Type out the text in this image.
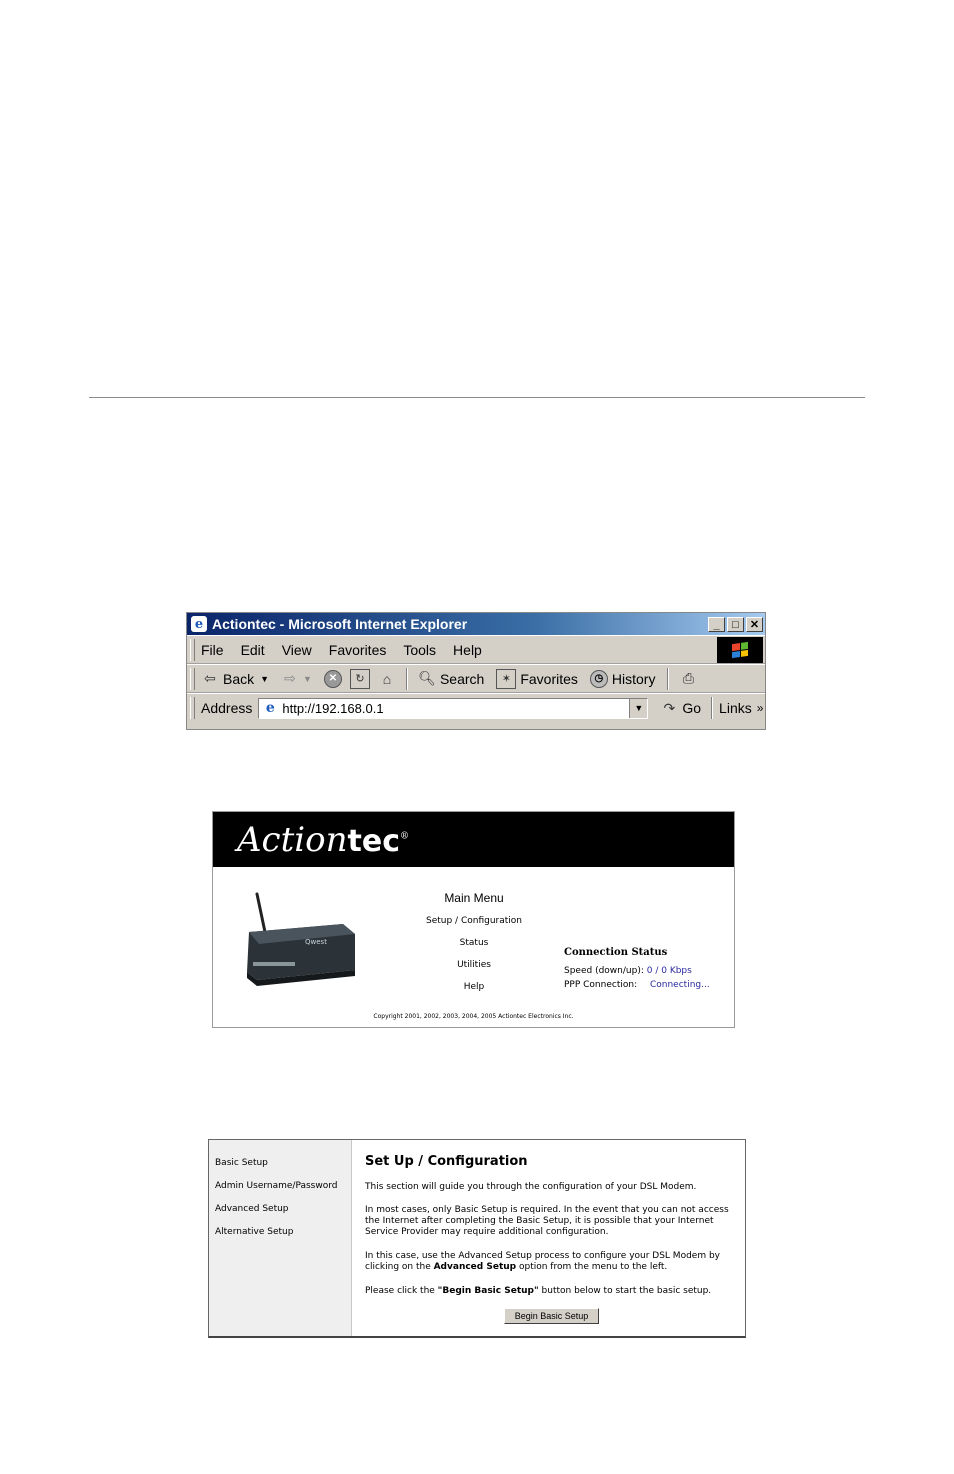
e Actiontec - Microsoft Internet Explorer	_	□	✕
File Edit View Favorites Tools Help
⇦ Back ▼ ⇨ ▼	✕	↻	⌂	🔍︎ Search	✶ Favorites	◷ History ⎙
Address e http://192.168.0.1	▼ ↷ Go Links »
Actiontec®
Qwest
Main Menu
Setup / Configuration
Status
Utilities
Help
Connection Status
Speed (down/up): 0 / 0 Kbps
PPP Connection: Connecting...
Copyright 2001, 2002, 2003, 2004, 2005 Actiontec Electronics Inc.
Basic Setup
Admin Username/Password
Advanced Setup
Alternative Setup
Set Up / Configuration
This section will guide you through the configuration of your DSL Modem.
In most cases, only Basic Setup is required. In the event that you can not access the Internet after completing the Basic Setup, it is possible that your Internet Service Provider may require additional configuration.
In this case, use the Advanced Setup process to configure your DSL Modem by clicking on the Advanced Setup option from the menu to the left.
Please click the "Begin Basic Setup" button below to start the basic setup.
Begin Basic Setup
